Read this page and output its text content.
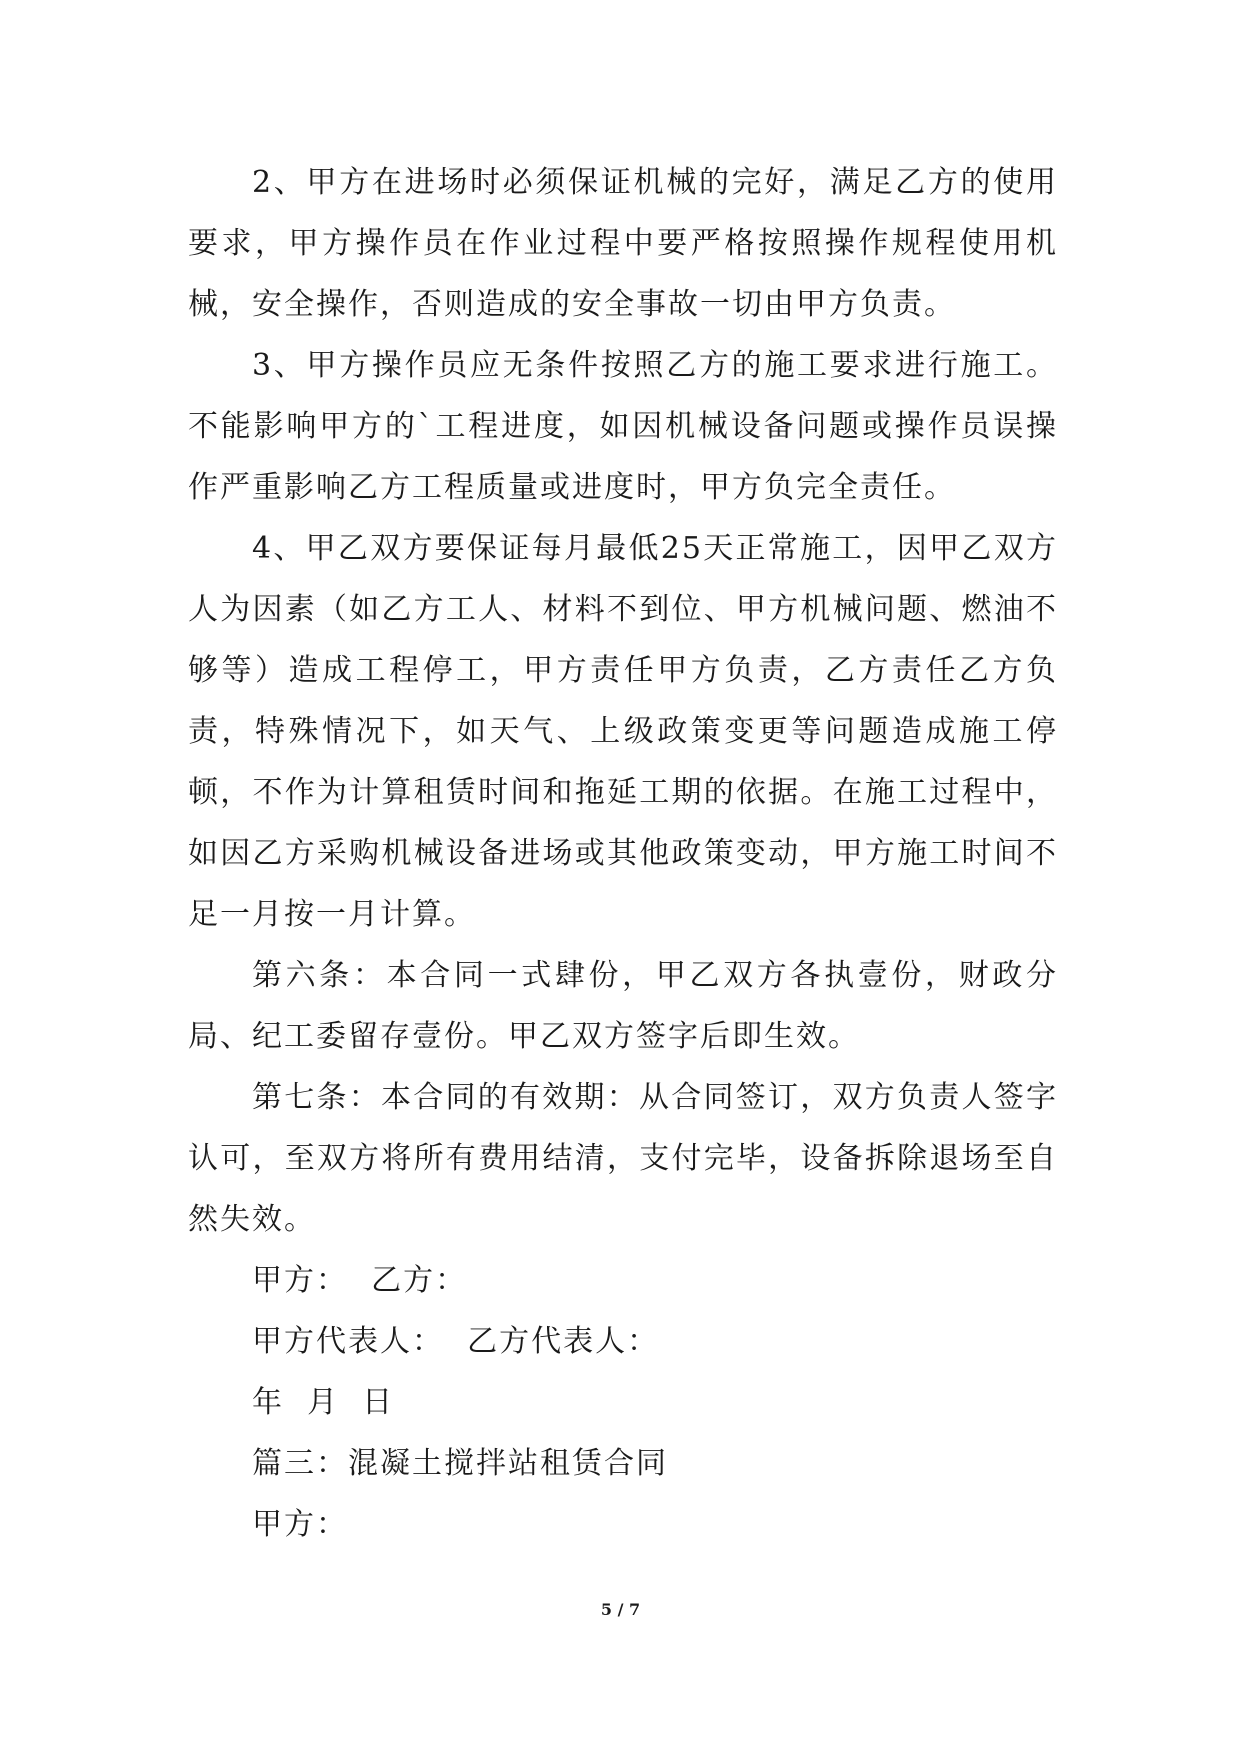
2、甲方在进场时必须保证机械的完好，满足乙方的使用要求，甲方操作员在作业过程中要严格按照操作规程使用机械，安全操作，否则造成的安全事故一切由甲方负责。

3、甲方操作员应无条件按照乙方的施工要求进行施工。不能影响甲方的`工程进度，如因机械设备问题或操作员误操作严重影响乙方工程质量或进度时，甲方负完全责任。

4、甲乙双方要保证每月最低25天正常施工，因甲乙双方人为因素（如乙方工人、材料不到位、甲方机械问题、燃油不够等）造成工程停工，甲方责任甲方负责，乙方责任乙方负责，特殊情况下，如天气、上级政策变更等问题造成施工停顿，不作为计算租赁时间和拖延工期的依据。在施工过程中，如因乙方采购机械设备进场或其他政策变动，甲方施工时间不足一月按一月计算。

第六条：本合同一式肆份，甲乙双方各执壹份，财政分局、纪工委留存壹份。甲乙双方签字后即生效。

第七条：本合同的有效期：从合同签订，双方负责人签字认可，至双方将所有费用结清，支付完毕，设备拆除退场至自然失效。

甲方：  乙方：

甲方代表人：  乙方代表人：

年  月  日

篇三：混凝土搅拌站租赁合同

甲方：

5 / 7
